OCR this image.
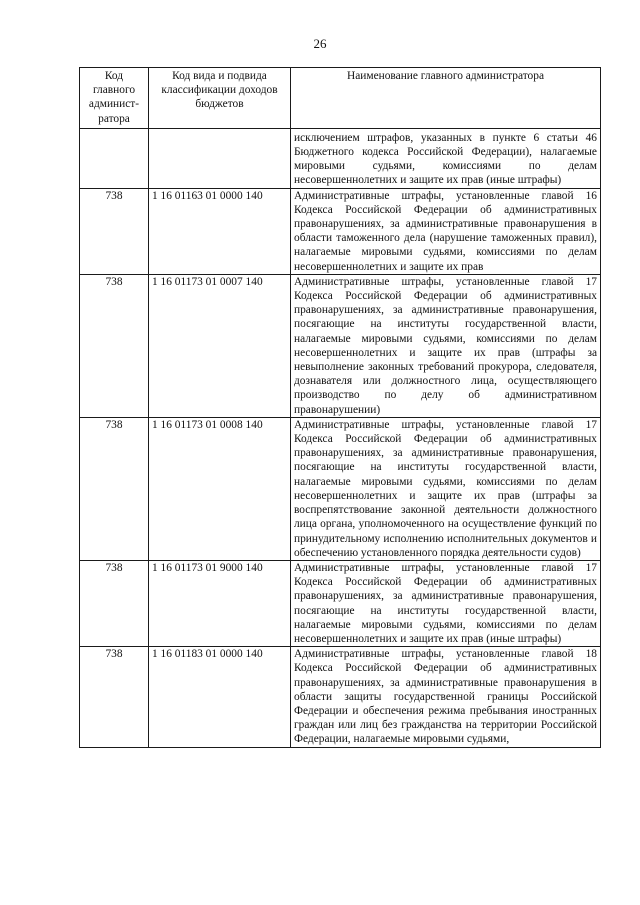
26
Код главного админист-ратора	Код вида и подвида классификации доходов бюджетов	Наименование главного администратора
		исключением штрафов, указанных в пункте 6 статьи 46 Бюджетного кодекса Российской Федерации), налагаемые мировыми судьями, комиссиями по делам несовершеннолетних и защите их прав (иные штрафы)
738	1 16 01163 01 0000 140	Административные штрафы, установленные главой 16 Кодекса Российской Федерации об административных правонарушениях, за административные правонарушения в области таможенного дела (нарушение таможенных правил), налагаемые мировыми судьями, комиссиями по делам несовершеннолетних и защите их прав
738	1 16 01173 01 0007 140	Административные штрафы, установленные главой 17 Кодекса Российской Федерации об административных правонарушениях, за административные правонарушения, посягающие на институты государственной власти, налагаемые мировыми судьями, комиссиями по делам несовершеннолетних и защите их прав (штрафы за невыполнение законных требований прокурора, следователя, дознавателя или должностного лица, осуществляющего производство по делу об административном правонарушении)
738	1 16 01173 01 0008 140	Административные штрафы, установленные главой 17 Кодекса Российской Федерации об административных правонарушениях, за административные правонарушения, посягающие на институты государственной власти, налагаемые мировыми судьями, комиссиями по делам несовершеннолетних и защите их прав (штрафы за воспрепятствование законной деятельности должностного лица органа, уполномоченного на осуществление функций по принудительному исполнению исполнительных документов и обеспечению установленного порядка деятельности судов)
738	1 16 01173 01 9000 140	Административные штрафы, установленные главой 17 Кодекса Российской Федерации об административных правонарушениях, за административные правонарушения, посягающие на институты государственной власти, налагаемые мировыми судьями, комиссиями по делам несовершеннолетних и защите их прав (иные штрафы)
738	1 16 01183 01 0000 140	Административные штрафы, установленные главой 18 Кодекса Российской Федерации об административных правонарушениях, за административные правонарушения в области защиты государственной границы Российской Федерации и обеспечения режима пребывания иностранных граждан или лиц без гражданства на территории Российской Федерации, налагаемые мировыми судьями,
